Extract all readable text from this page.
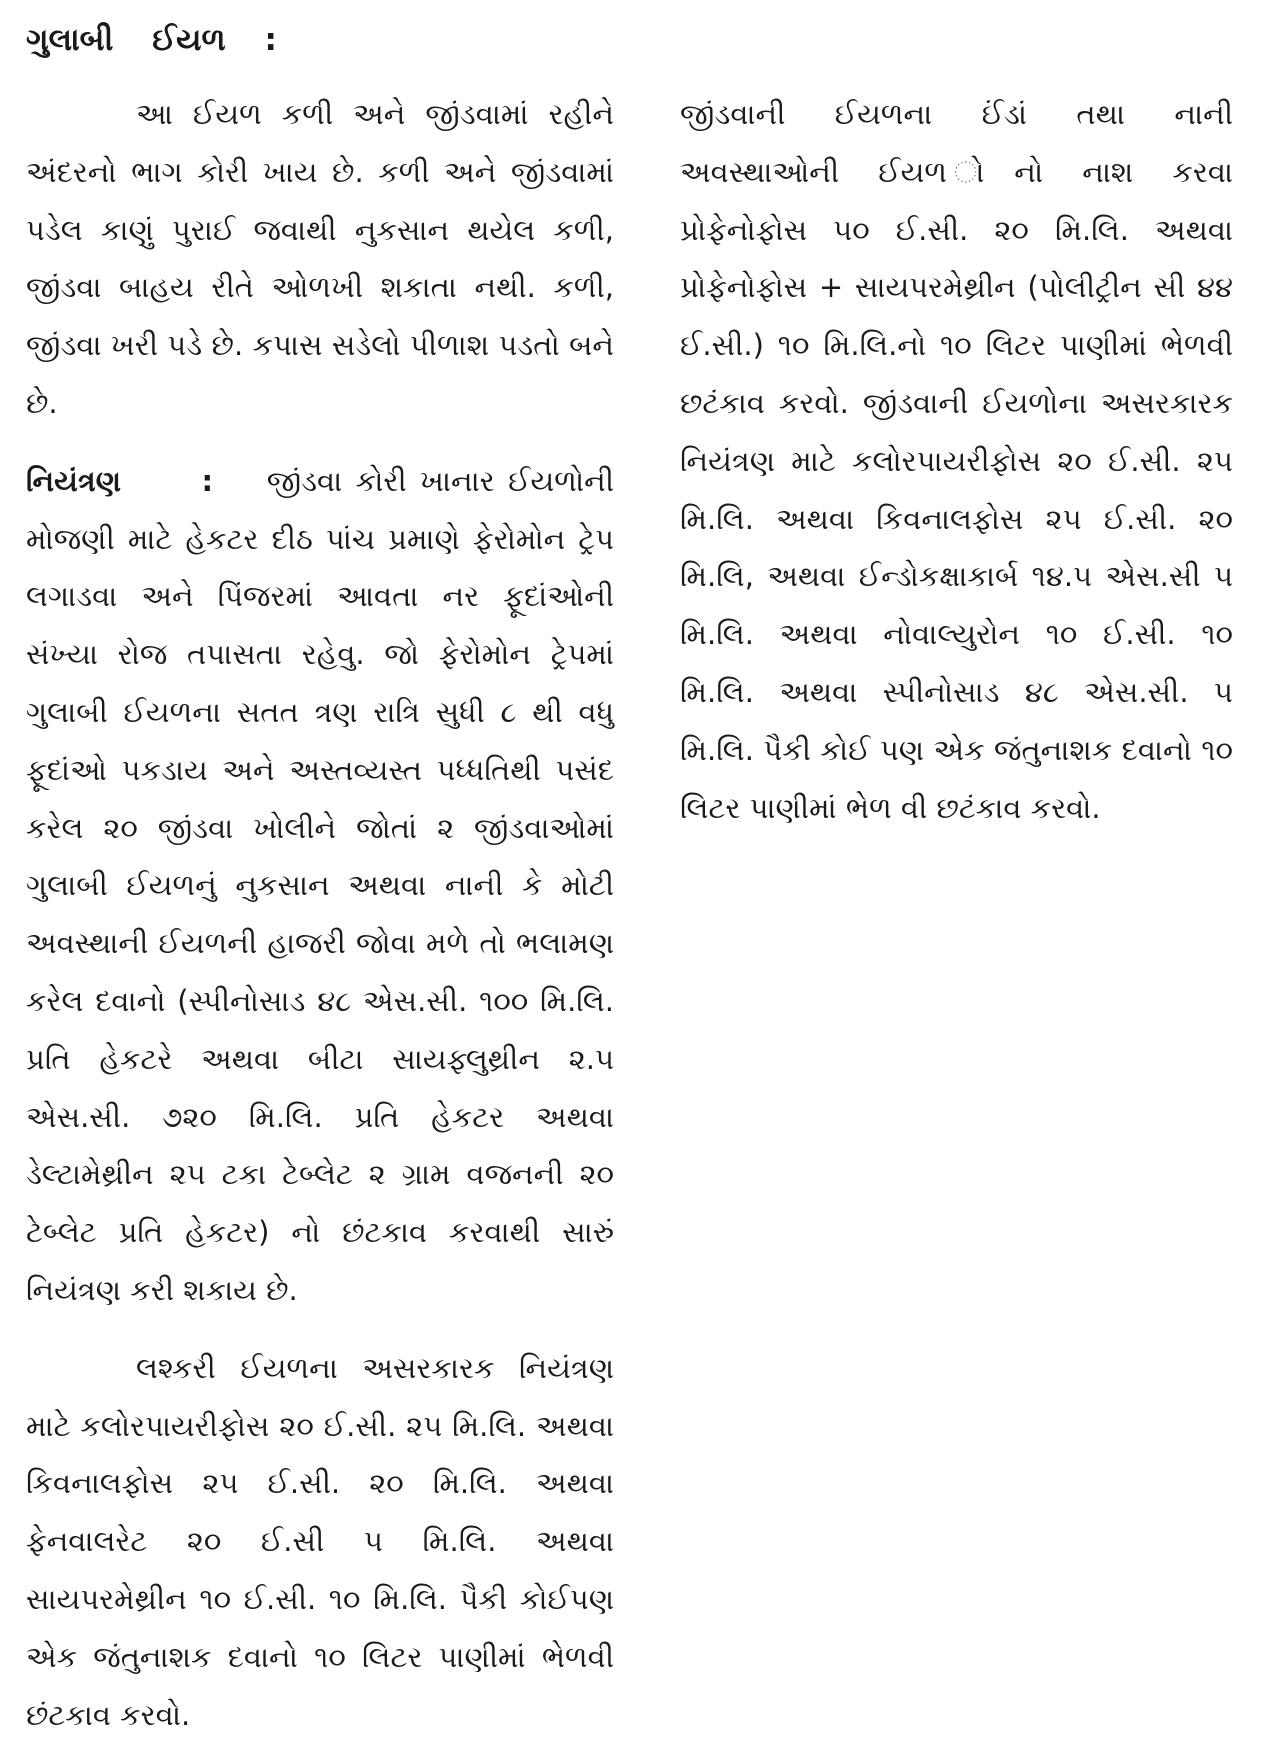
ગુલાબી ઈયળ :

આ ઈયળ કળી અને જીંડવામાં રહીને અંદરનો ભાગ કોરી ખાય છે. કળી અને જીંડવામાં પડેલ કાણું પુરાઈ જવાથી નુકસાન થયેલ કળી, જીંડવા બાહય રીતે ઓળખી શકાતા નથી. કળી, જીંડવા ખરી પડે છે. કપાસ સડેલો પીળાશ પડતો બને છે.

નિયંત્રણ	: જીંડવા કોરી ખાનાર ઈયળોની મોજણી માટે હેકટર દીઠ પાંચ પ્રમાણે ફેરોમોન ટ્રેપ લગાડવા અને પિંજરમાં આવતા નર ફૂદાંઓની સંખ્યા રોજ તપાસતા રહેવુ. જો ફેરોમોન ટ્રેપમાં ગુલાબી ઈયળના સતત ત્રણ રાત્રિ સુધી ૮ થી વધુ ફૂદાંઓ પકડાય અને અસ્તવ્યસ્ત પધ્ધતિથી પસંદ કરેલ ૨૦ જીંડવા ખોલીને જોતાં ૨ જીંડવાઓમાં ગુલાબી ઈયળનું નુકસાન અથવા નાની કે મોટી અવસ્થાની ઈયળની હાજરી જોવા મળે તો ભલામણ કરેલ દવાનો (સ્પીનોસાડ ૪૮ એસ.સી. ૧૦૦ મિ.લિ. પ્રતિ હેકટરે અથવા બીટા સાયફ્લુથ્રીન ૨.૫ એસ.સી. ૭૨૦ મિ.લિ. પ્રતિ હેકટર અથવા ડેલ્ટામેથ્રીન ૨૫ ટકા ટેબ્લેટ ૨ ગ્રામ વજનની ૨૦ ટેબ્લેટ પ્રતિ હેકટર) નો છંટકાવ કરવાથી સારું નિયંત્રણ કરી શકાય છે.

લશ્કરી ઈયળના અસરકારક નિયંત્રણ માટે કલોરપાયરીફોસ ૨૦ ઈ.સી. ૨૫ મિ.લિ. અથવા કિવનાલફોસ ૨૫ ઈ.સી. ૨૦ મિ.લિ. અથવા ફેનવાલરેટ ૨૦ ઈ.સી ૫ મિ.લિ. અથવા સાયપરમેથ્રીન ૧૦ ઈ.સી. ૧૦ મિ.લિ. પૈકી કોઈપણ એક જંતુનાશક દવાનો ૧૦ લિટર પાણીમાં ભેળવી છંટકાવ કરવો.

જીંડવાની ઈયળના ઈંડાં તથા નાની અવસ્થાઓની ઈયળ ોનો નાશ કરવા પ્રોફેનોફોસ ૫૦ ઈ.સી. ૨૦ મિ.લિ. અથવા પ્રોફેનોફોસ + સાયપરમેથ્રીન (પોલીટ્રીન સી ૪૪ ઈ.સી.) ૧૦ મિ.લિ.નો ૧૦ લિટર પાણીમાં ભેળવી છટંકાવ કરવો. જીંડવાની ઈયળોના અસરકારક નિયંત્રણ માટે કલોરપાયરીફોસ ૨૦ ઈ.સી. ૨૫ મિ.લિ. અથવા કિવનાલફોસ ૨૫ ઈ.સી. ૨૦ મિ.લિ, અથવા ઈન્ડોકક્ષાકાર્બ ૧૪.૫ એસ.સી ૫ મિ.લિ. અથવા નોવાલ્યુરોન ૧૦ ઈ.સી. ૧૦ મિ.લિ. અથવા સ્પીનોસાડ ૪૮ એસ.સી. ૫ મિ.લિ. પૈકી કોઈ પણ એક જંતુનાશક દવાનો ૧૦ લિટર પાણીમાં ભેળ વી છટંકાવ કરવો.
